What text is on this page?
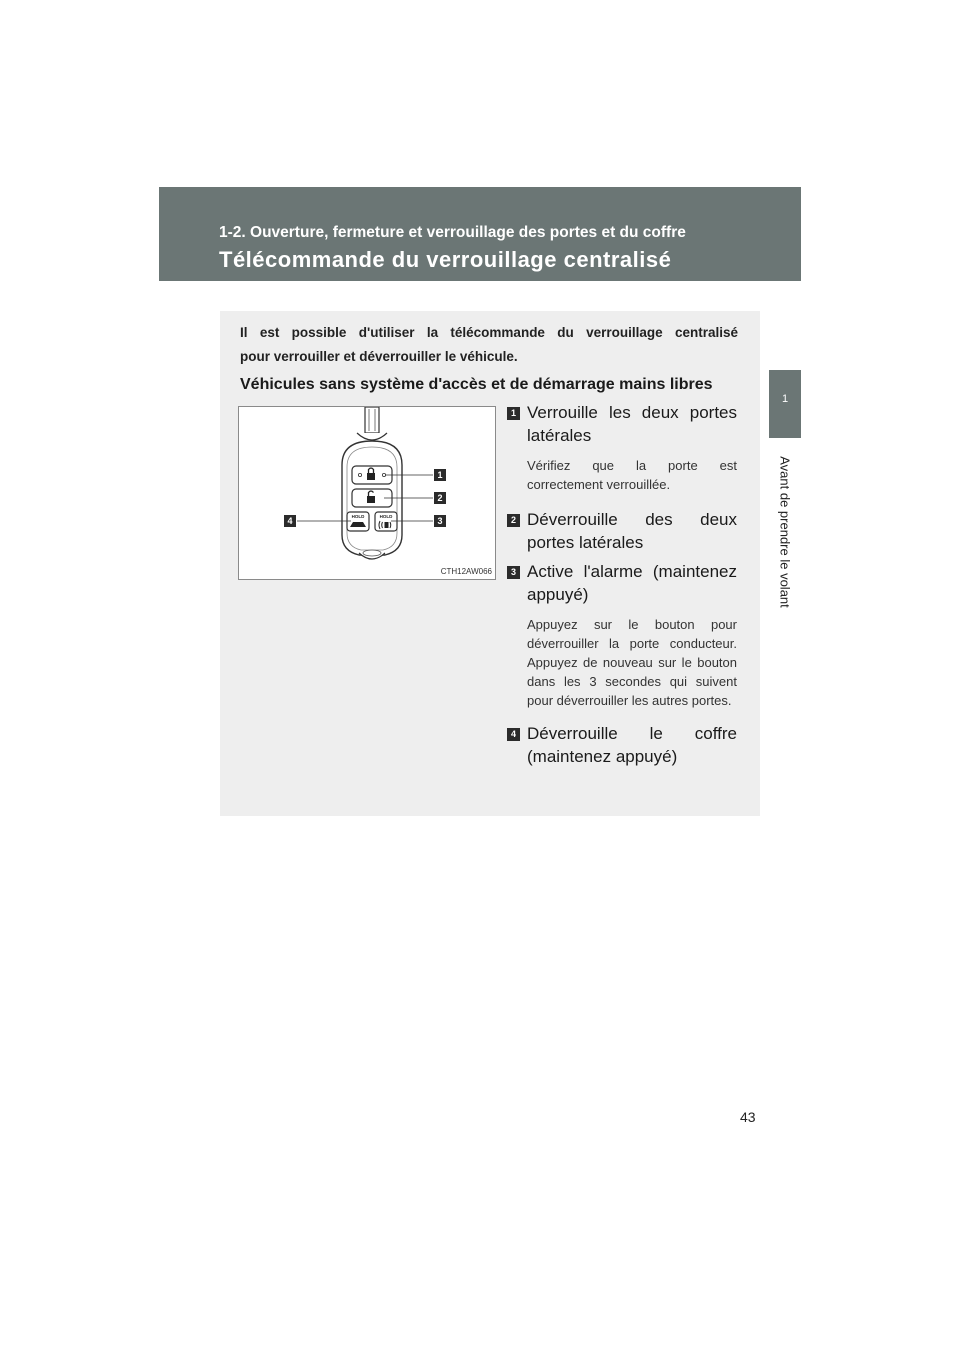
1-2. Ouverture, fermeture et verrouillage des portes et du coffre
Télécommande du verrouillage centralisé
1
Avant de prendre le volant
Il est possible d'utiliser la télécommande du verrouillage centralisé
pour verrouiller et déverrouiller le véhicule.
Véhicules sans système d'accès et de démarrage mains libres
HOLD	HOLD
1
2
3
4
CTH12AW066
1 Verrouille les deux portes
latérales
Vérifiez que la porte est correctement verrouillée.
2 Déverrouille des deux
portes latérales
3 Active l'alarme (maintenez
appuyé)
Appuyez sur le bouton pour déverrouiller la porte conducteur. Appuyez de nouveau sur le bouton dans les 3 secondes qui suivent pour déverrouiller les autres portes.
4 Déverrouille le coffre
(maintenez appuyé)
43
